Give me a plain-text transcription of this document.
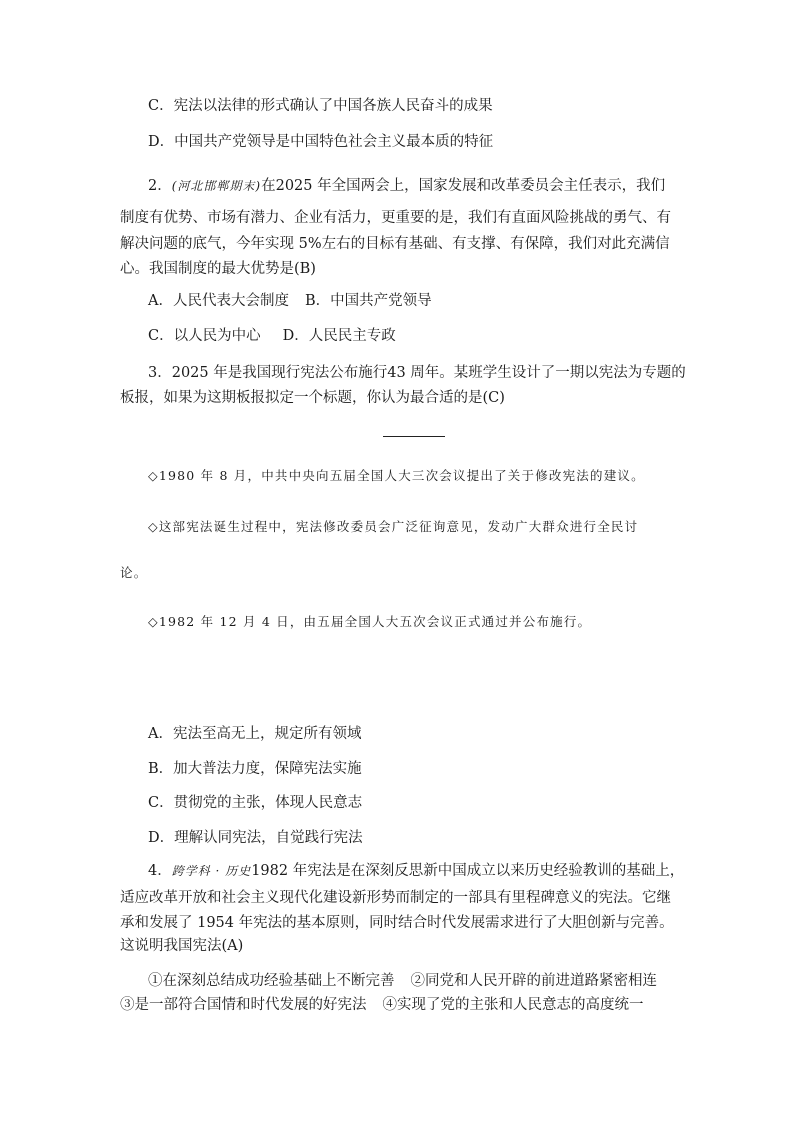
C．宪法以法律的形式确认了中国各族人民奋斗的成果
D．中国共产党领导是中国特色社会主义最本质的特征
2．(河北邯郸期末)在2025 年全国两会上，国家发展和改革委员会主任表示，我们
制度有优势、市场有潜力、企业有活力，更重要的是，我们有直面风险挑战的勇气、有
解决问题的底气，今年实现 5%左右的目标有基础、有支撑、有保障，我们对此充满信
心。我国制度的最大优势是(B)
A．人民代表大会制度 B．中国共产党领导
C．以人民为中心 D．人民民主专政
3．2025 年是我国现行宪法公布施行43 周年。某班学生设计了一期以宪法为专题的
板报，如果为这期板报拟定一个标题，你认为最合适的是(C)
◇1980 年 8 月，中共中央向五届全国人大三次会议提出了关于修改宪法的建议。
◇这部宪法诞生过程中，宪法修改委员会广泛征询意见，发动广大群众进行全民讨
论。
◇1982 年 12 月 4 日，由五届全国人大五次会议正式通过并公布施行。
A．宪法至高无上，规定所有领域
B．加大普法力度，保障宪法实施
C．贯彻党的主张，体现人民意志
D．理解认同宪法，自觉践行宪法
4．跨学科 · 历史1982 年宪法是在深刻反思新中国成立以来历史经验教训的基础上，
适应改革开放和社会主义现代化建设新形势而制定的一部具有里程碑意义的宪法。它继
承和发展了 1954 年宪法的基本原则，同时结合时代发展需求进行了大胆创新与完善。
这说明我国宪法(A)
①在深刻总结成功经验基础上不断完善 ②同党和人民开辟的前进道路紧密相连
③是一部符合国情和时代发展的好宪法 ④实现了党的主张和人民意志的高度统一
